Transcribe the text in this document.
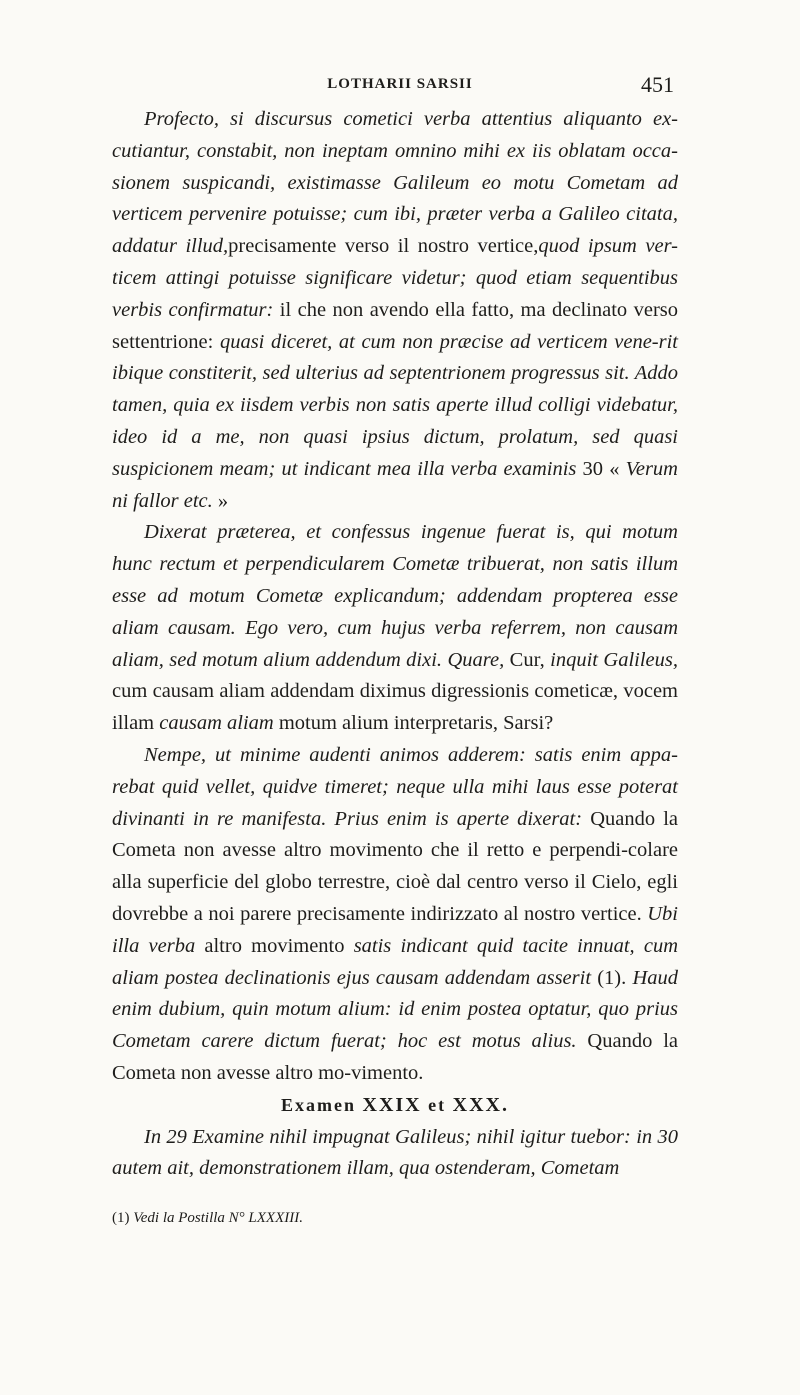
LOTHARII SARSII	451

Profecto, si discursus cometici verba attentius aliquanto ex-cutiantur, constabit, non ineptam omnino mihi ex iis oblatam occa-sionem suspicandi, existimasse Galileum eo motu Cometam ad verticem pervenire potuisse; cum ibi, præter verba a Galileo citata, addatur illud,precisamente verso il nostro vertice,quod ipsum ver-ticem attingi potuisse significare videtur; quod etiam sequentibus verbis confirmatur: il che non avendo ella fatto, ma declinato verso settentrione: quasi diceret, at cum non præcise ad verticem vene-rit ibique constiterit, sed ulterius ad septentrionem progressus sit. Addo tamen, quia ex iisdem verbis non satis aperte illud colligi videbatur, ideo id a me, non quasi ipsius dictum, prolatum, sed quasi suspicionem meam; ut indicant mea illa verba examinis 30 « Verum ni fallor etc. »

Dixerat præterea, et confessus ingenue fuerat is, qui motum hunc rectum et perpendicularem Cometæ tribuerat, non satis illum esse ad motum Cometæ explicandum; addendam propterea esse aliam causam. Ego vero, cum hujus verba referrem, non causam aliam, sed motum alium addendum dixi. Quare, Cur, inquit Galileus, cum causam aliam addendam diximus digressionis cometicæ, vocem illam causam aliam motum alium interpretaris, Sarsi?

Nempe, ut minime audenti animos adderem: satis enim appa-rebat quid vellet, quidve timeret; neque ulla mihi laus esse poterat divinanti in re manifesta. Prius enim is aperte dixerat: Quando la Cometa non avesse altro movimento che il retto e perpendi-colare alla superficie del globo terrestre, cioè dal centro verso il Cielo, egli dovrebbe a noi parere precisamente indirizzato al nostro vertice. Ubi illa verba altro movimento satis indicant quid tacite innuat, cum aliam postea declinationis ejus causam addendam asserit (1). Haud enim dubium, quin motum alium: id enim postea optatur, quo prius Cometam carere dictum fuerat; hoc est motus alius. Quando la Cometa non avesse altro mo-vimento.

Examen XXIX et XXX.

In 29 Examine nihil impugnat Galileus; nihil igitur tuebor: in 30 autem ait, demonstrationem illam, qua ostenderam, Cometam

(1) Vedi la Postilla N° LXXXIII.
